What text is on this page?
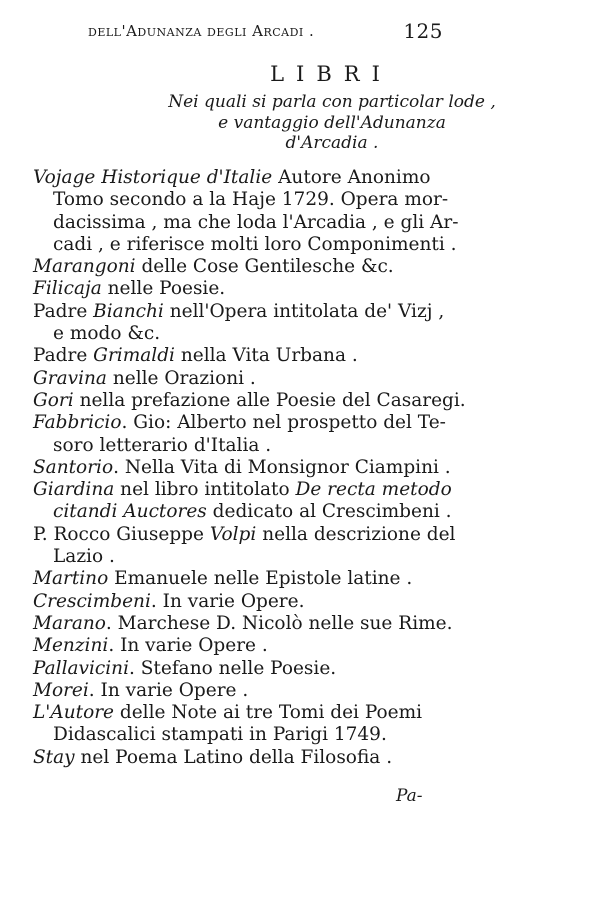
dell'Adunanza degli Arcadi .	125
LIBRI
Nei quali si parla con particolar lode ,
e vantaggio dell'Adunanza
d'Arcadia .
Vojage Historique d'Italie Autore Anonimo
Tomo secondo a la Haje 1729. Opera mor-
dacissima , ma che loda l'Arcadia , e gli Ar-
cadi , e riferisce molti loro Componimenti .
Marangoni delle Cose Gentilesche &c.
Filicaja nelle Poesie.
Padre Bianchi nell'Opera intitolata de' Vizj ,
e modo &c.
Padre Grimaldi nella Vita Urbana .
Gravina nelle Orazioni .
Gori nella prefazione alle Poesie del Casaregi.
Fabbricio. Gio: Alberto nel prospetto del Te-
soro letterario d'Italia .
Santorio. Nella Vita di Monsignor Ciampini .
Giardina nel libro intitolato De recta metodo
citandi Auctores dedicato al Crescimbeni .
P. Rocco Giuseppe Volpi nella descrizione del
Lazio .
Martino Emanuele nelle Epistole latine .
Crescimbeni. In varie Opere.
Marano. Marchese D. Nicolò nelle sue Rime.
Menzini. In varie Opere .
Pallavicini. Stefano nelle Poesie.
Morei. In varie Opere .
L'Autore delle Note ai tre Tomi dei Poemi
Didascalici stampati in Parigi 1749.
Stay nel Poema Latino della Filosofia .
Pa-
